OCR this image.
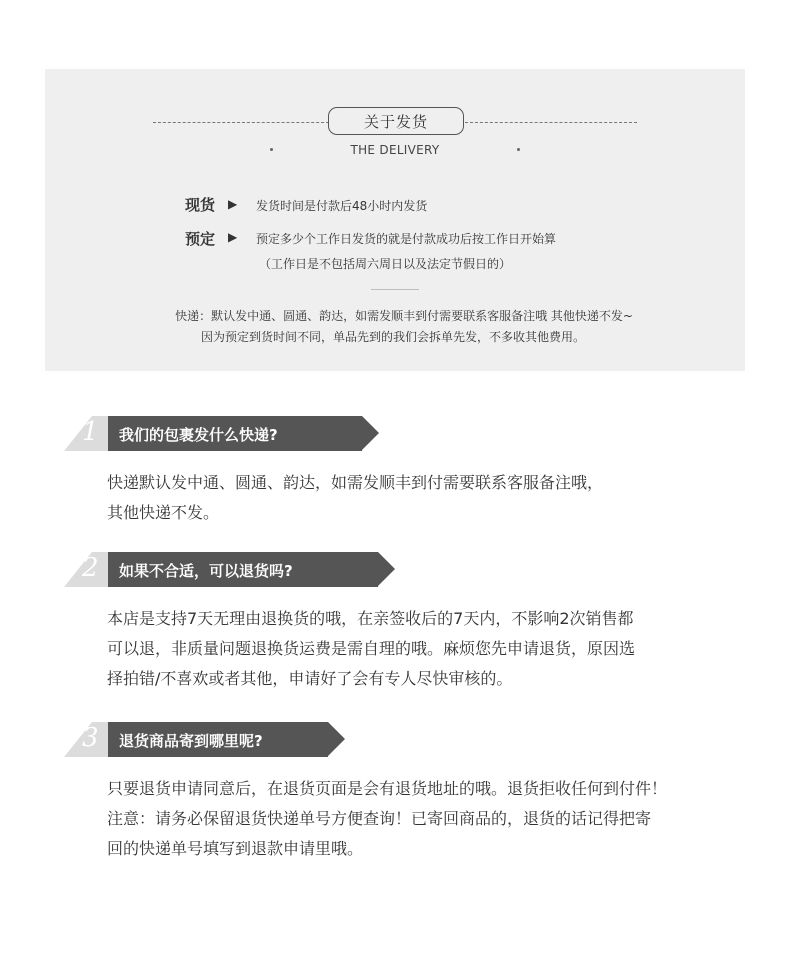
关于发货
THE DELIVERY
现货 ▶ 发货时间是付款后48小时内发货
预定 ▶ 预定多少个工作日发货的就是付款成功后按工作日开始算
（工作日是不包括周六周日以及法定节假日的）
快递：默认发中通、圆通、韵达，如需发顺丰到付需要联系客服备注哦 其他快递不发~
因为预定到货时间不同，单品先到的我们会拆单先发，不多收其他费用。
1 我们的包裹发什么快递?

快递默认发中通、圆通、韵达，如需发顺丰到付需要联系客服备注哦，

其他快递不发。

2 如果不合适，可以退货吗?

本店是支持7天无理由退换货的哦，在亲签收后的7天内，不影响2次销售都

可以退，非质量问题退换货运费是需自理的哦。麻烦您先申请退货，原因选

择拍错/不喜欢或者其他，申请好了会有专人尽快审核的。

3 退货商品寄到哪里呢?

只要退货申请同意后，在退货页面是会有退货地址的哦。退货拒收任何到付件！

注意：请务必保留退货快递单号方便查询！已寄回商品的，退货的话记得把寄

回的快递单号填写到退款申请里哦。
